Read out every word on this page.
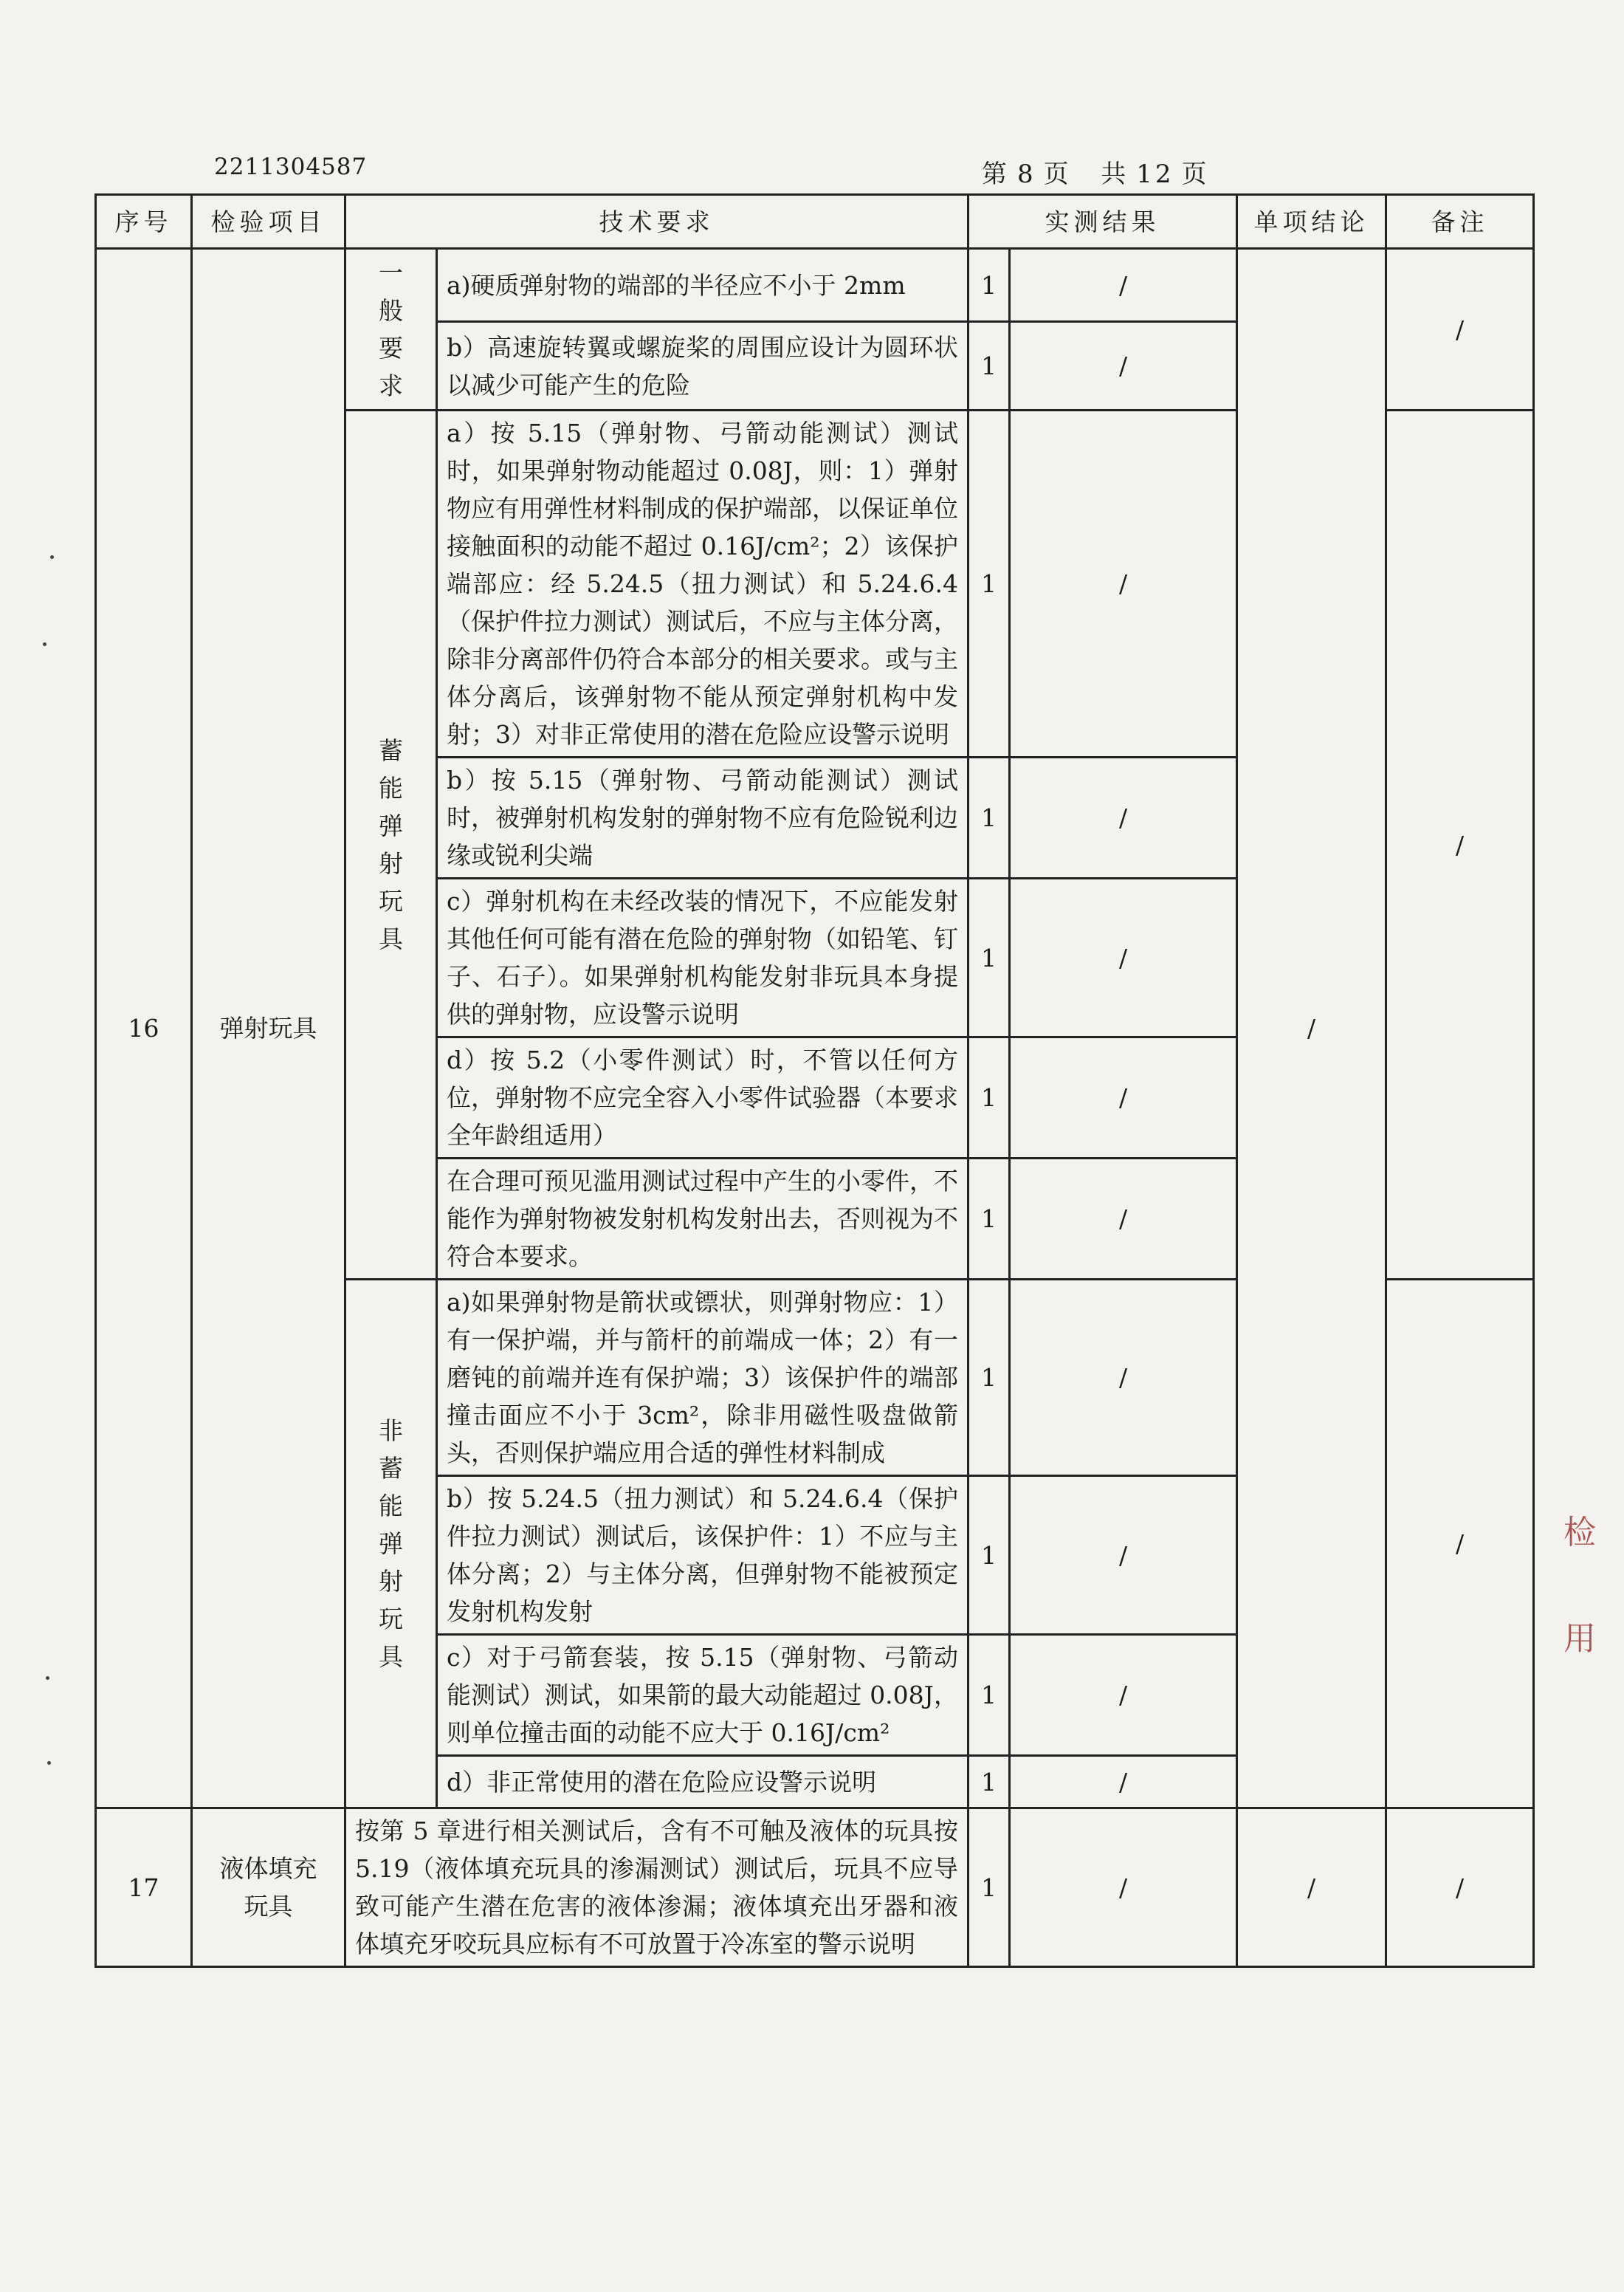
2211304587	第 8 页 共 12 页
序号	检验项目	技术要求		实测结果		单项结论	备注
16	弹射玩具	一般要求	a)硬质弹射物的端部的半径应不小于 2mm	1	/	/	/
			b）高速旋转翼或螺旋桨的周围应设计为圆环状以减少可能产生的危险	1	/		

		蓄能弹射玩具	a）按 5.15（弹射物、弓箭动能测试）测试时，如果弹射物动能超过 0.08J，则：1）弹射物应有用弹性材料制成的保护端部，以保证单位接触面积的动能不超过 0.16J/cm²；2）该保护端部应：经 5.24.5（扭力测试）和 5.24.6.4（保护件拉力测试）测试后，不应与主体分离，除非分离部件仍符合本部分的相关要求。或与主体分离后，该弹射物不能从预定弹射机构中发射；3）对非正常使用的潜在危险应设警示说明	1	/		/
			b）按 5.15（弹射物、弓箭动能测试）测试时，被弹射机构发射的弹射物不应有危险锐利边缘或锐利尖端	1	/		
			c）弹射机构在未经改装的情况下，不应能发射其他任何可能有潜在危险的弹射物（如铅笔、钉子、石子）。如果弹射机构能发射非玩具本身提供的弹射物，应设警示说明	1	/		
			d）按 5.2（小零件测试）时，不管以任何方位，弹射物不应完全容入小零件试验器（本要求全年龄组适用）	1	/		
			在合理可预见滥用测试过程中产生的小零件，不能作为弹射物被发射机构发射出去，否则视为不符合本要求。	1	/		

		非蓄能弹射玩具	a)如果弹射物是箭状或镖状，则弹射物应：1）有一保护端，并与箭杆的前端成一体；2）有一磨钝的前端并连有保护端；3）该保护件的端部撞击面应不小于 3cm²，除非用磁性吸盘做箭头，否则保护端应用合适的弹性材料制成	1	/		/
			b）按 5.24.5（扭力测试）和 5.24.6.4（保护件拉力测试）测试后，该保护件：1）不应与主体分离；2）与主体分离，但弹射物不能被预定发射机构发射	1	/		
			c）对于弓箭套装，按 5.15（弹射物、弓箭动能测试）测试，如果箭的最大动能超过 0.08J，则单位撞击面的动能不应大于 0.16J/cm²	1	/		
			d）非正常使用的潜在危险应设警示说明	1	/		
17	液体填充玩具	按第 5 章进行相关测试后，含有不可触及液体的玩具按 5.19（液体填充玩具的渗漏测试）测试后，玩具不应导致可能产生潜在危害的液体渗漏；液体填充出牙器和液体填充牙咬玩具应标有不可放置于冷冻室的警示说明		1	/	/	/
检

用
